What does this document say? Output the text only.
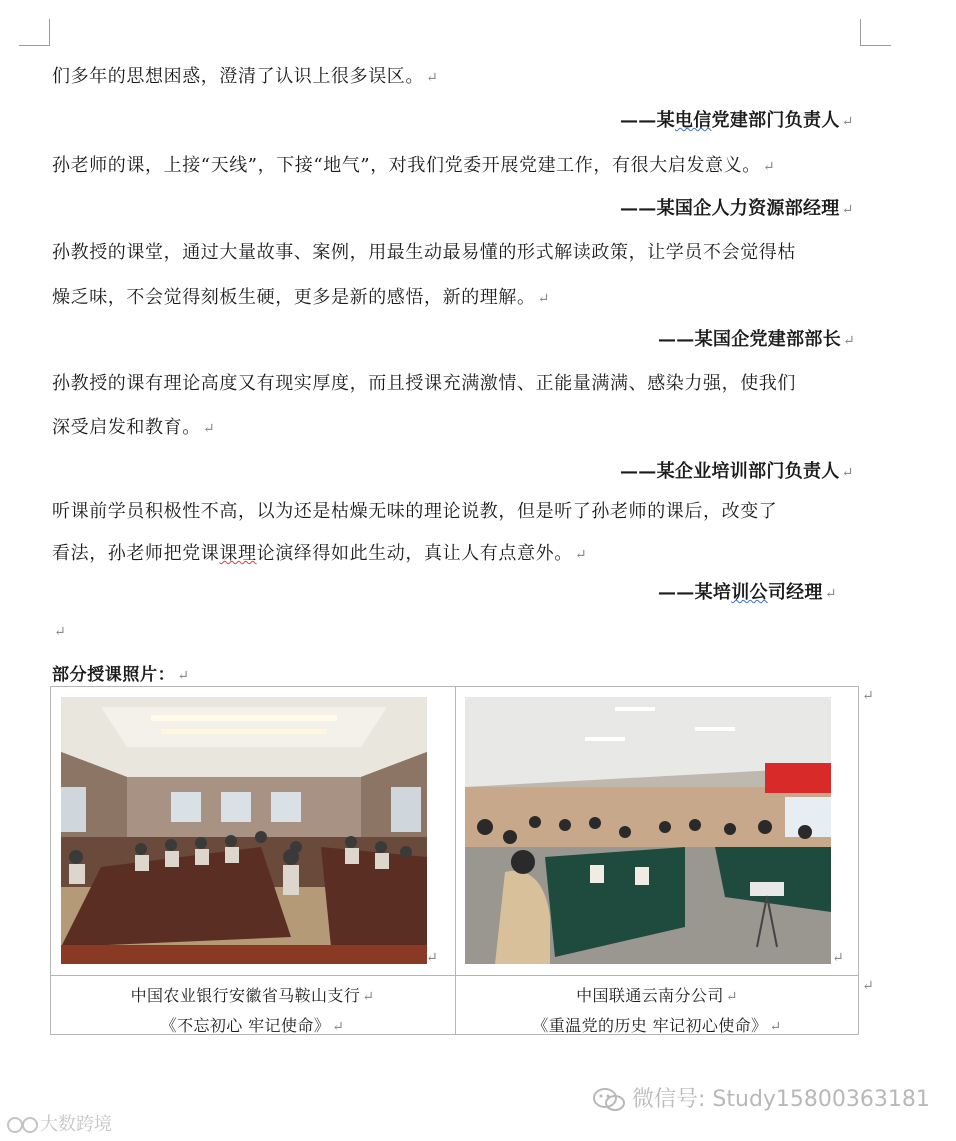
们多年的思想困惑，澄清了认识上很多误区。 ↵
——某电信党建部门负责人 ↵
孙老师的课，上接“天线”，下接“地气”，对我们党委开展党建工作，有很大启发意义。 ↵
——某国企人力资源部经理 ↵
孙教授的课堂，通过大量故事、案例，用最生动最易懂的形式解读政策，让学员不会觉得枯
燥乏味，不会觉得刻板生硬，更多是新的感悟，新的理解。 ↵
——某国企党建部部长 ↵
孙教授的课有理论高度又有现实厚度，而且授课充满激情、正能量满满、感染力强，使我们
深受启发和教育。 ↵
——某企业培训部门负责人 ↵
听课前学员积极性不高，以为还是枯燥无味的理论说教，但是听了孙老师的课后，改变了
看法，孙老师把党课课理论演绎得如此生动，真让人有点意外。 ↵
——某培训公司经理 ↵
↵
部分授课照片： ↵
↵
↵
↵	↵
中国农业银行安徽省马鞍山支行 ↵
《不忘初心 牢记使命》 ↵
中国联通云南分公司 ↵
《重温党的历史 牢记初心使命》 ↵
微信号: Study15800363181
大数跨境
